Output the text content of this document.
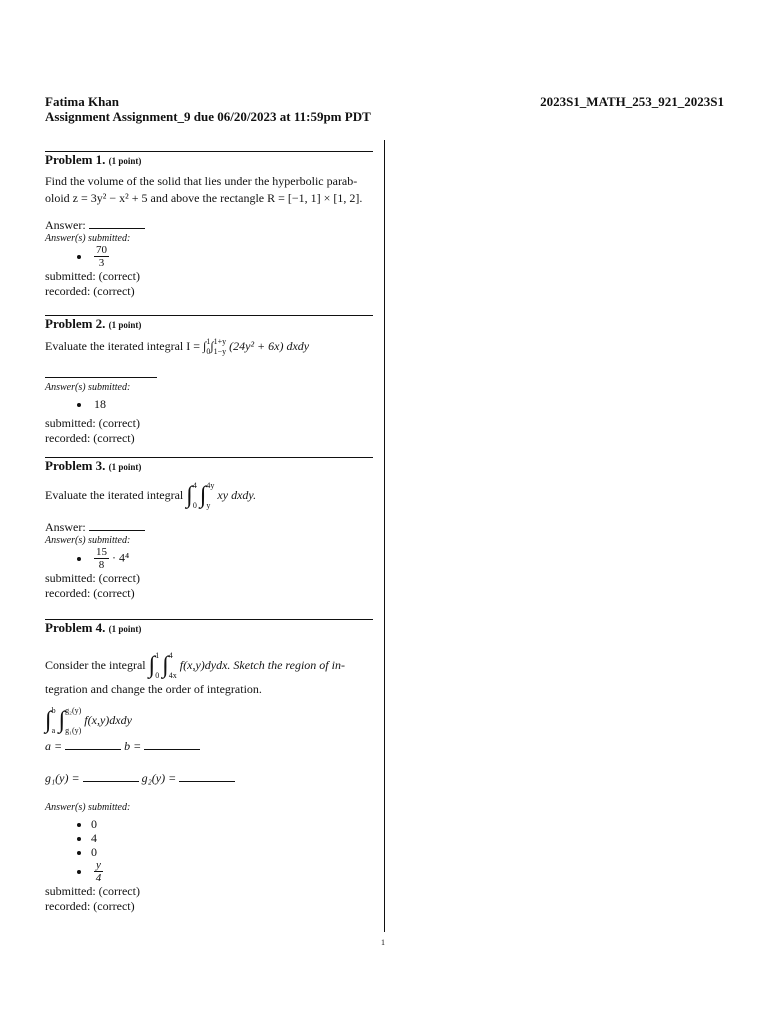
Fatima Khan
Assignment Assignment_9 due 06/20/2023 at 11:59pm PDT
2023S1_MATH_253_921_2023S1
1
Problem 1. (1 point)
Find the volume of the solid that lies under the hyperbolic parab-
oloid z = 3y² − x² + 5 and above the rectangle R = [−1, 1] × [1, 2].
Answer:
Answer(s) submitted:

$\frac{70}{3}$
submitted: (correct)
recorded: (correct)
Problem 2. (1 point)
Evaluate the iterated integral I = ∫1
0∫1+y
1−y (24y² + 6x) dxdy
Answer(s) submitted:
18
submitted: (correct)
recorded: (correct)
Problem 3. (1 point)
Evaluate the iterated integral ∫4

0 ∫4y

y xy dxdy.
Answer:
Answer(s) submitted:

$\frac{15}{8} \cdot 4^4$
submitted: (correct)
recorded: (correct)
Problem 4. (1 point)
Consider the integral ∫1

0 ∫4

4x f(x,y)dydx. Sketch the region of in-
tegration and change the order of integration.
∫b

a ∫g₂(y)

g₁(y) f(x,y)dxdy
a =	b =
g₁(y) =	g₂(y) =
Answer(s) submitted:
0
4
0

$\frac{y}{4}$
submitted: (correct)
recorded: (correct)
